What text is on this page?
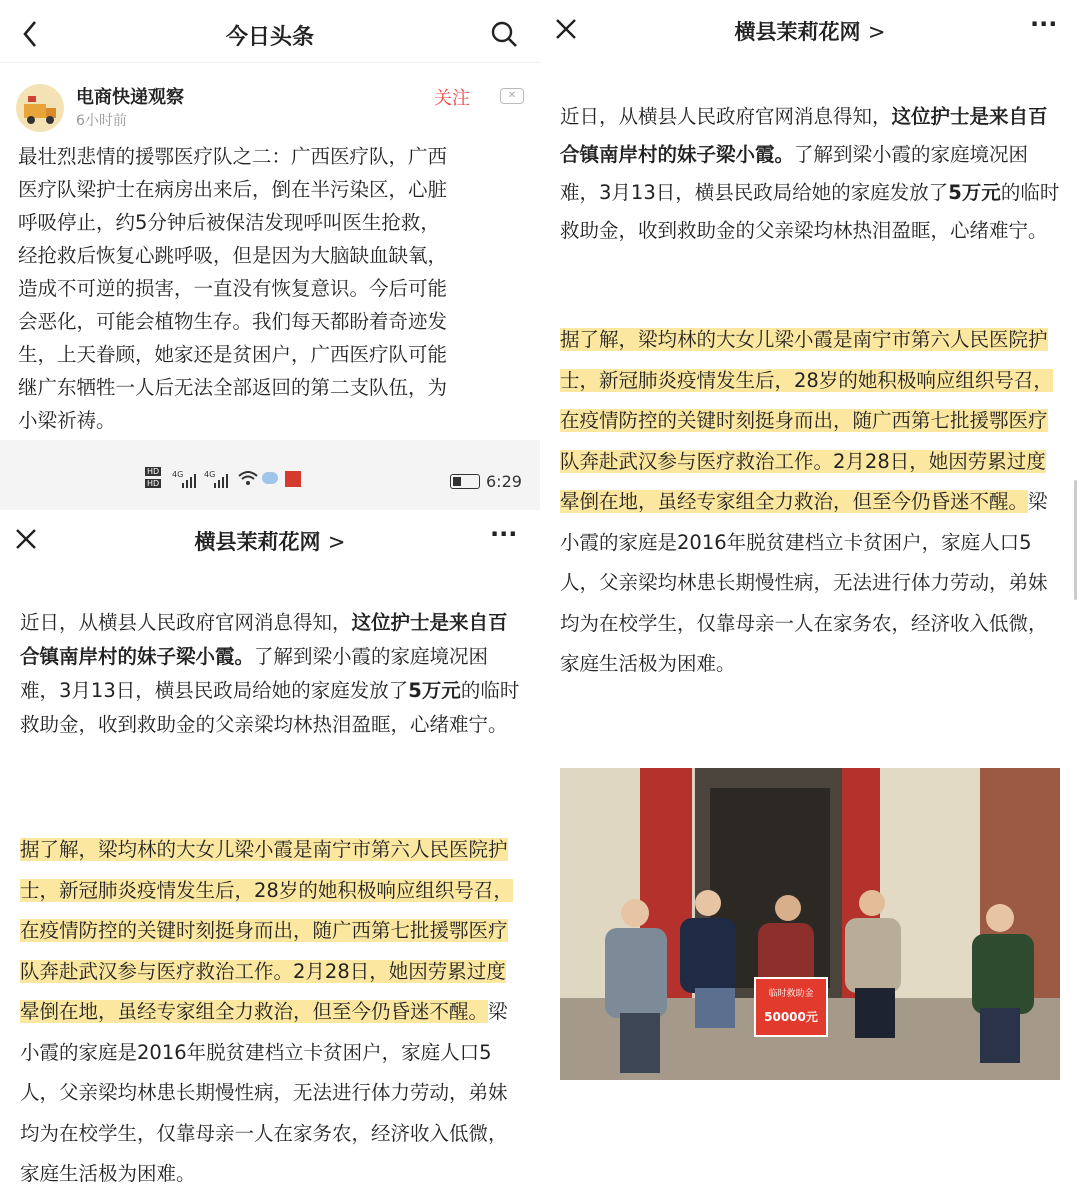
今日头条
电商快递观察
6小时前
关注	✕
最壮烈悲情的援鄂医疗队之二：广西医疗队，广西
医疗队梁护士在病房出来后，倒在半污染区，心脏
呼吸停止，约5分钟后被保洁发现呼叫医生抢救，
经抢救后恢复心跳呼吸，但是因为大脑缺血缺氧，
造成不可逆的损害，一直没有恢复意识。今后可能
会恶化，可能会植物生存。我们每天都盼着奇迹发
生，上天眷顾，她家还是贫困户，广西医疗队可能
继广东牺牲一人后无法全部返回的第二支队伍，为
小梁祈祷。
HD
HD
4G	4G	6:29
横县茉莉花网 >	···
近日，从横县人民政府官网消息得知，这位护士是来自百合镇南岸村的妹子梁小霞。了解到梁小霞的家庭境况困难，3月13日，横县民政局给她的家庭发放了5万元的临时救助金，收到救助金的父亲梁均林热泪盈眶，心绪难宁。
据了解，梁均林的大女儿梁小霞是南宁市第六人民医院护士，新冠肺炎疫情发生后，28岁的她积极响应组织号召，在疫情防控的关键时刻挺身而出，随广西第七批援鄂医疗队奔赴武汉参与医疗救治工作。2月28日，她因劳累过度晕倒在地，虽经专家组全力救治，但至今仍昏迷不醒。梁小霞的家庭是2016年脱贫建档立卡贫困户，家庭人口5人，父亲梁均林患长期慢性病，无法进行体力劳动，弟妹均为在校学生，仅靠母亲一人在家务农，经济收入低微，家庭生活极为困难。
横县茉莉花网 >	···
近日，从横县人民政府官网消息得知，这位护士是来自百合镇南岸村的妹子梁小霞。了解到梁小霞的家庭境况困难，3月13日，横县民政局给她的家庭发放了5万元的临时救助金，收到救助金的父亲梁均林热泪盈眶，心绪难宁。
据了解，梁均林的大女儿梁小霞是南宁市第六人民医院护士，新冠肺炎疫情发生后，28岁的她积极响应组织号召，在疫情防控的关键时刻挺身而出，随广西第七批援鄂医疗队奔赴武汉参与医疗救治工作。2月28日，她因劳累过度晕倒在地，虽经专家组全力救治，但至今仍昏迷不醒。梁小霞的家庭是2016年脱贫建档立卡贫困户，家庭人口5人，父亲梁均林患长期慢性病，无法进行体力劳动，弟妹均为在校学生，仅靠母亲一人在家务农，经济收入低微，家庭生活极为困难。
临时救助金
50000元
